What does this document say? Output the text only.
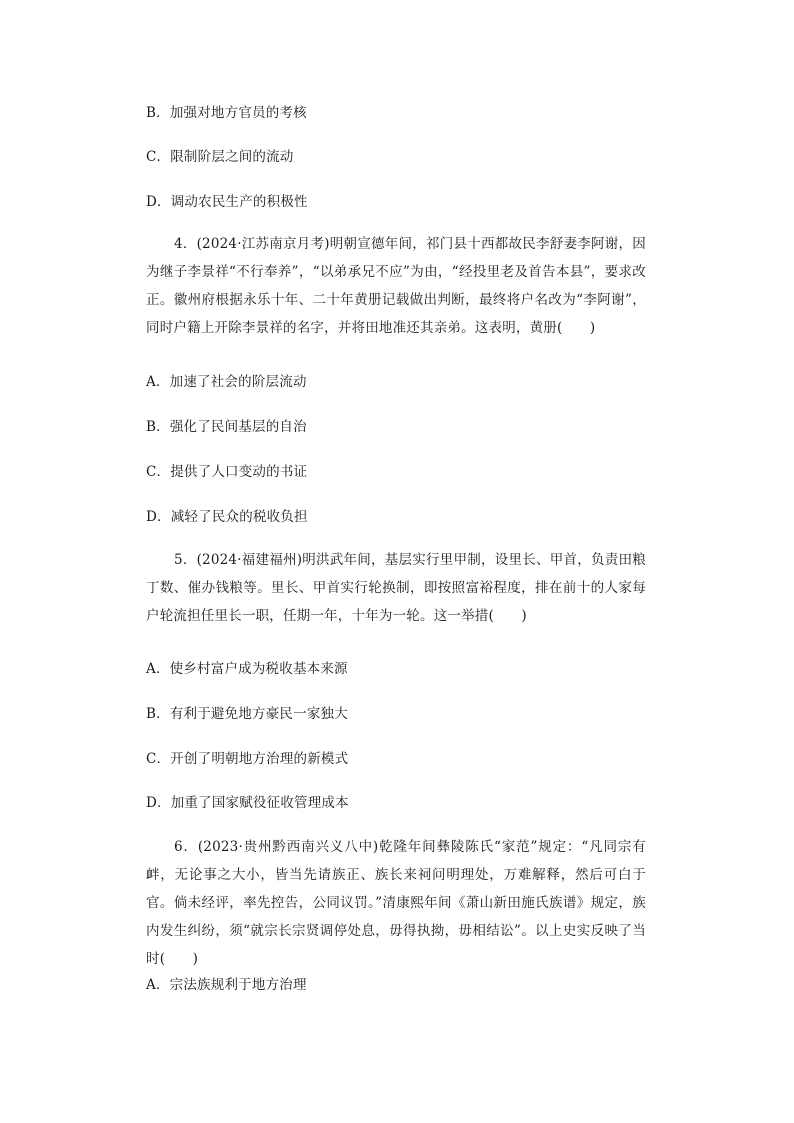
B．加强对地方官员的考核
C．限制阶层之间的流动
D．调动农民生产的积极性
4．(2024·江苏南京月考)明朝宣德年间，祁门县十西都故民李舒妻李阿谢，因为继子李景祥“不行奉养”，“以弟承兄不应”为由，“经投里老及首告本县”，要求改正。徽州府根据永乐十年、二十年黄册记载做出判断，最终将户名改为“李阿谢”，同时户籍上开除李景祥的名字，并将田地准还其亲弟。这表明，黄册(　　)
A．加速了社会的阶层流动
B．强化了民间基层的自治
C．提供了人口变动的书证
D．减轻了民众的税收负担
5．(2024·福建福州)明洪武年间，基层实行里甲制，设里长、甲首，负责田粮丁数、催办钱粮等。里长、甲首实行轮换制，即按照富裕程度，排在前十的人家每户轮流担任里长一职，任期一年，十年为一轮。这一举措(　　)
A．使乡村富户成为税收基本来源
B．有利于避免地方豪民一家独大
C．开创了明朝地方治理的新模式
D．加重了国家赋役征收管理成本
6．(2023·贵州黔西南兴义八中)乾隆年间彝陵陈氏“家范”规定：“凡同宗有衅，无论事之大小，皆当先请族正、族长来祠问明理处，万难解释，然后可白于官。倘未经评，率先控告，公同议罚。”清康熙年间《萧山新田施氏族谱》规定，族内发生纠纷，须“就宗长宗贤调停处息，毋得执拗，毋相结讼”。以上史实反映了当时(　　)
A．宗法族规利于地方治理
